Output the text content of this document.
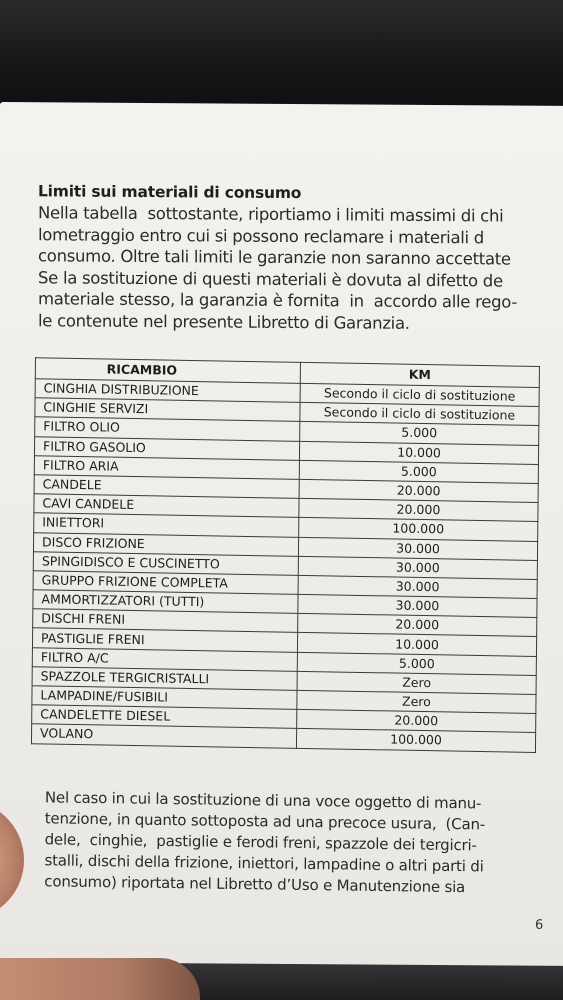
Limiti sui materiali di consumo

Nella tabella  sottostante, riportiamo i limiti massimi di chi
lometraggio entro cui si possono reclamare i materiali d
consumo. Oltre tali limiti le garanzie non saranno accettate
Se la sostituzione di questi materiali è dovuta al difetto de
materiale stesso, la garanzia è fornita  in  accordo alle rego-
le contenute nel presente Libretto di Garanzia.

RICAMBIO	KM
CINGHIA DISTRIBUZIONE	Secondo il ciclo di sostituzione
CINGHIE SERVIZI	Secondo il ciclo di sostituzione
FILTRO OLIO	5.000
FILTRO GASOLIO	10.000
FILTRO ARIA	5.000
CANDELE	20.000
CAVI CANDELE	20.000
INIETTORI	100.000
DISCO FRIZIONE	30.000
SPINGIDISCO E CUSCINETTO	30.000
GRUPPO FRIZIONE COMPLETA	30.000
AMMORTIZZATORI (TUTTI)	30.000
DISCHI FRENI	20.000
PASTIGLIE FRENI	10.000
FILTRO A/C	5.000
SPAZZOLE TERGICRISTALLI	Zero
LAMPADINE/FUSIBILI	Zero
CANDELETTE DIESEL	20.000
VOLANO	100.000

Nel caso in cui la sostituzione di una voce oggetto di manu-
tenzione, in quanto sottoposta ad una precoce usura,  (Can-
dele,  cinghie,  pastiglie e ferodi freni, spazzole dei tergicri-
stalli, dischi della frizione, iniettori, lampadine o altri parti di
consumo) riportata nel Libretto d’Uso e Manutenzione sia

6
